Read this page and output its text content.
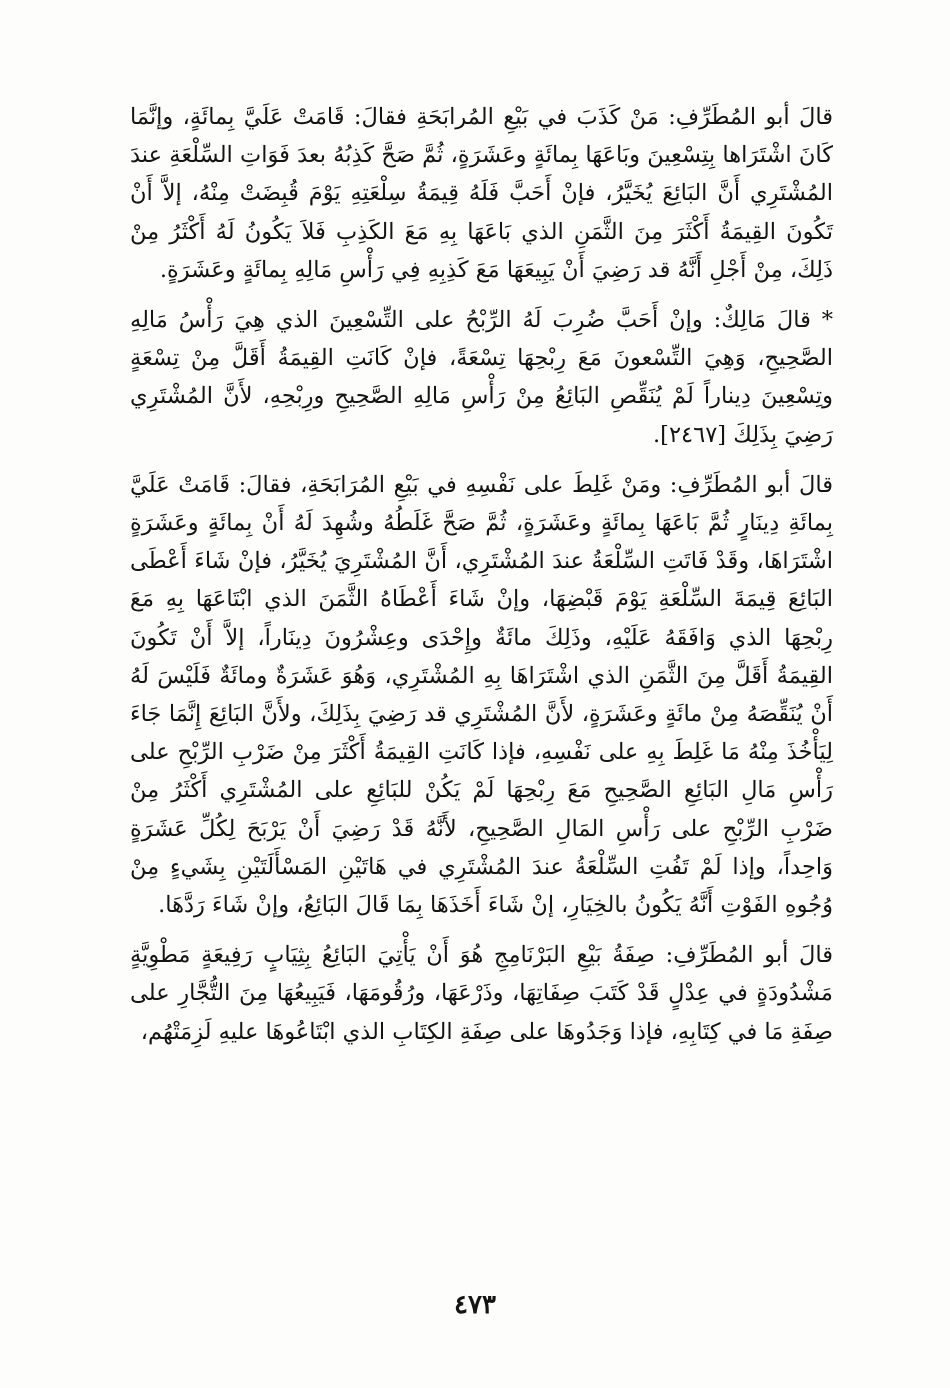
قالَ أبو المُطَرِّفِ: مَنْ كَذَبَ في بَيْعِ المُرابَحَةِ فقالَ: قَامَتْ عَلَيَّ بِمائَةٍ، وإنَّمَا كَانَ اشْتَرَاها بِتِسْعِينَ وبَاعَهَا بِمائَةٍ وعَشَرَةٍ، ثُمَّ صَحَّ كَذِبُهُ بعدَ فَوَاتِ السِّلْعَةِ عندَ المُشْتَرِي أَنَّ البَائِعَ يُخَيَّرُ، فإنْ أَحَبَّ فَلَهُ قِيمَةُ سِلْعَتِهِ يَوْمَ قُبِضَتْ مِنْهُ، إلاَّ أَنْ تَكُونَ القِيمَةُ أَكْثَرَ مِنَ الثَّمَنِ الذي بَاعَهَا بِهِ مَعَ الكَذِبِ فَلاَ يَكُونُ لَهُ أَكْثَرُ مِنْ ذَلِكَ، مِنْ أَجْلِ أَنَّهُ قد رَضِيَ أَنْ يَبِيعَهَا مَعَ كَذِبِهِ فِي رَأْسِ مَالِهِ بِمائَةٍ وعَشَرَةٍ.

* قالَ مَالِكٌ: وإنْ أَحَبَّ ضُرِبَ لَهُ الرِّبْحُ على التِّسْعِينَ الذي هِيَ رَأْسُ مَالِهِ الصَّحِيحِ، وَهِيَ التِّسْعونَ مَعَ رِبْحِهَا تِسْعَةً، فإنْ كَانَتِ القِيمَةُ أَقَلَّ مِنْ تِسْعَةٍ وتِسْعِينَ دِيناراً لَمْ يُنَقِّصِ البَائِعُ مِنْ رَأْسِ مَالِهِ الصَّحِيحِ ورِبْحِهِ، لأَنَّ المُشْتَرِي رَضِيَ بِذَلِكَ [٢٤٦٧].

قالَ أبو المُطَرِّفِ: ومَنْ غَلِطَ على نَفْسِهِ في بَيْعِ المُرَابَحَةِ، فقالَ: قَامَتْ عَلَيَّ بِمائَةِ دِينَارٍ ثُمَّ بَاعَهَا بِمائَةٍ وعَشَرَةٍ، ثُمَّ صَحَّ غَلَطُهُ وشُهِدَ لَهُ أَنْ بِمائَةٍ وعَشَرَةٍ اشْتَرَاهَا، وقَدْ فَاتَتِ السِّلْعَةُ عندَ المُشْتَرِي، أَنَّ المُشْتَرِيَ يُخَيَّرُ، فإنْ شَاءَ أَعْطَى البَائِعَ قِيمَةَ السِّلْعَةِ يَوْمَ قَبْضِهَا، وإنْ شَاءَ أَعْطَاهُ الثَّمَنَ الذي ابْتَاعَهَا بِهِ مَعَ رِبْحِهَا الذي وَافَقَهُ عَلَيْهِ، وذَلِكَ مائَةٌ وإِحْدَى وعِشْرُونَ دِينَاراً، إلاَّ أَنْ تَكُونَ القِيمَةُ أَقَلَّ مِنَ الثَّمَنِ الذي اشْتَرَاهَا بِهِ المُشْتَرِي، وَهُوَ عَشَرَةٌ ومائَةٌ فَلَيْسَ لَهُ أَنْ يُنَقِّصَهُ مِنْ مائَةٍ وعَشَرَةٍ، لأَنَّ المُشْتَرِي قد رَضِيَ بِذَلِكَ، ولأَنَّ البَائِعَ إِنَّمَا جَاءَ لِيَأْخُذَ مِنْهُ مَا غَلِطَ بِهِ على نَفْسِهِ، فإذا كَانَتِ القِيمَةُ أَكْثَرَ مِنْ ضَرْبِ الرِّبْحِ على رَأْسِ مَالِ البَائِعِ الصَّحِيحِ مَعَ رِبْحِهَا لَمْ يَكُنْ للبَائِعِ على المُشْتَرِي أَكْثَرُ مِنْ ضَرْبِ الرِّبْحِ على رَأْسِ المَالِ الصَّحِيحِ، لأَنَّهُ قَدْ رَضِيَ أَنْ يَرْبَحَ لِكُلِّ عَشَرَةٍ وَاحِداً، وإذا لَمْ تَفُتِ السِّلْعَةُ عندَ المُشْتَرِي في هَاتَيْنِ المَسْأَلَتَيْنِ بِشَيءٍ مِنْ وُجُوهِ الفَوْتِ أَنَّهُ يَكُونُ بالخِيَارِ، إنْ شَاءَ أَخَذَهَا بِمَا قَالَ البَائِعُ، وإنْ شَاءَ رَدَّهَا.

قالَ أبو المُطَرِّفِ: صِفَةُ بَيْعِ البَرْنَامِجِ هُوَ أَنْ يَأْتِيَ البَائِعُ بِثِيَابٍ رَفِيعَةٍ مَطْوِيَّةٍ مَشْدُودَةٍ في عِدْلٍ قَدْ كَتَبَ صِفَاتِهَا، وذَرْعَهَا، ورُقُومَهَا، فَيَبِيعُهَا مِنَ التُّجَّارِ على صِفَةِ مَا في كِتَابِهِ، فإذا وَجَدُوهَا على صِفَةِ الكِتَابِ الذي ابْتَاعُوهَا عليهِ لَزِمَتْهُم،

٤٧٣
